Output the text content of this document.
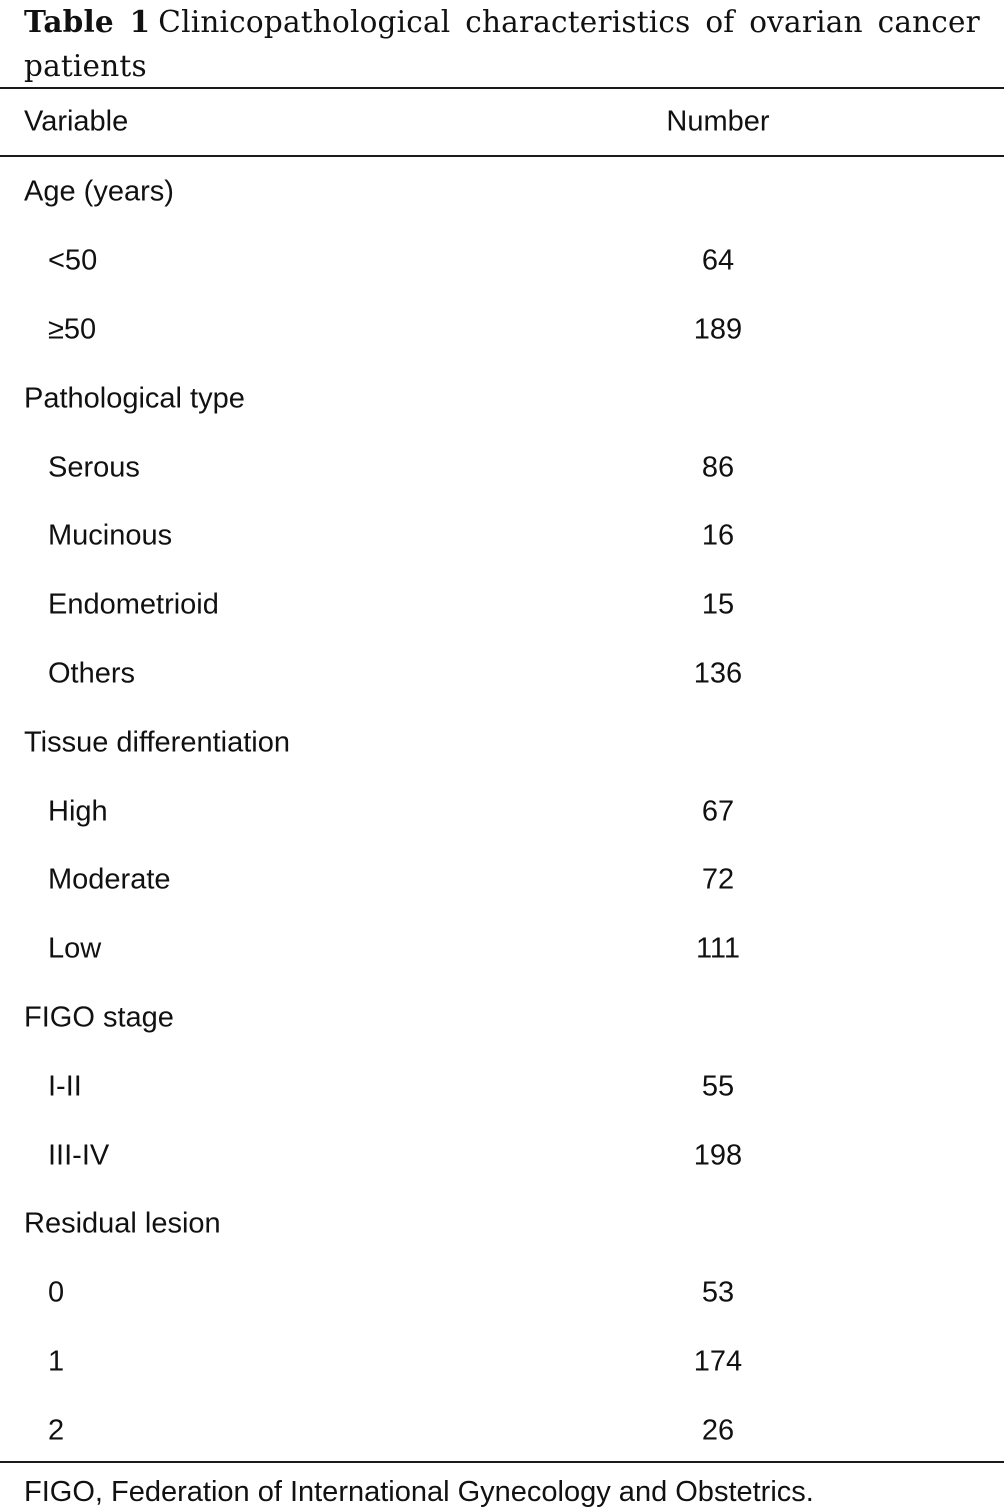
Table 1 Clinicopathological characteristics of ovarian cancer patients
Variable	Number
Age (years)
<50	64
≥50	189
Pathological type
Serous	86
Mucinous	16
Endometrioid	15
Others	136
Tissue differentiation
High	67
Moderate	72
Low	111
FIGO stage
I-II	55
III-IV	198
Residual lesion
0	53
1	174
2	26
FIGO, Federation of International Gynecology and Obstetrics.
